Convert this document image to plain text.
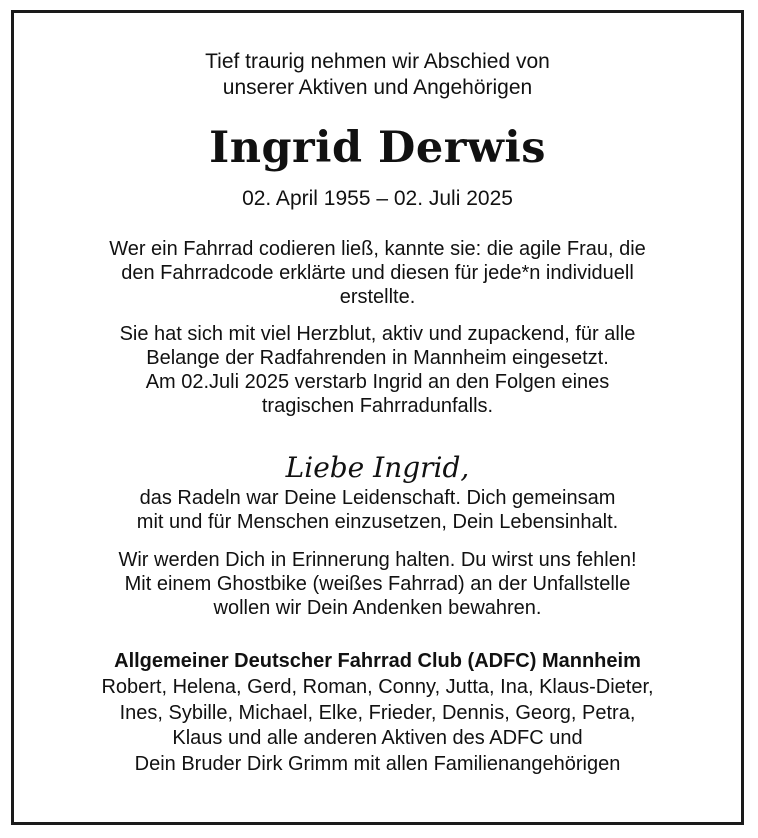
Tief traurig nehmen wir Abschied von
unserer Aktiven und Angehörigen
Ingrid Derwis
02. April 1955 – 02. Juli 2025
Wer ein Fahrrad codieren ließ, kannte sie: die agile Frau, die
den Fahrradcode erklärte und diesen für jede*n individuell
erstellte.
Sie hat sich mit viel Herzblut, aktiv und zupackend, für alle
Belange der Radfahrenden in Mannheim eingesetzt.
Am 02.Juli 2025 verstarb Ingrid an den Folgen eines
tragischen Fahrradunfalls.
Liebe Ingrid,
das Radeln war Deine Leidenschaft. Dich gemeinsam
mit und für Menschen einzusetzen, Dein Lebensinhalt.
Wir werden Dich in Erinnerung halten. Du wirst uns fehlen!
Mit einem Ghostbike (weißes Fahrrad) an der Unfallstelle
wollen wir Dein Andenken bewahren.
Allgemeiner Deutscher Fahrrad Club (ADFC) Mannheim
Robert, Helena, Gerd, Roman, Conny, Jutta, Ina, Klaus-Dieter,
Ines, Sybille, Michael, Elke, Frieder, Dennis, Georg, Petra,
Klaus und alle anderen Aktiven des ADFC und
Dein Bruder Dirk Grimm mit allen Familienangehörigen
